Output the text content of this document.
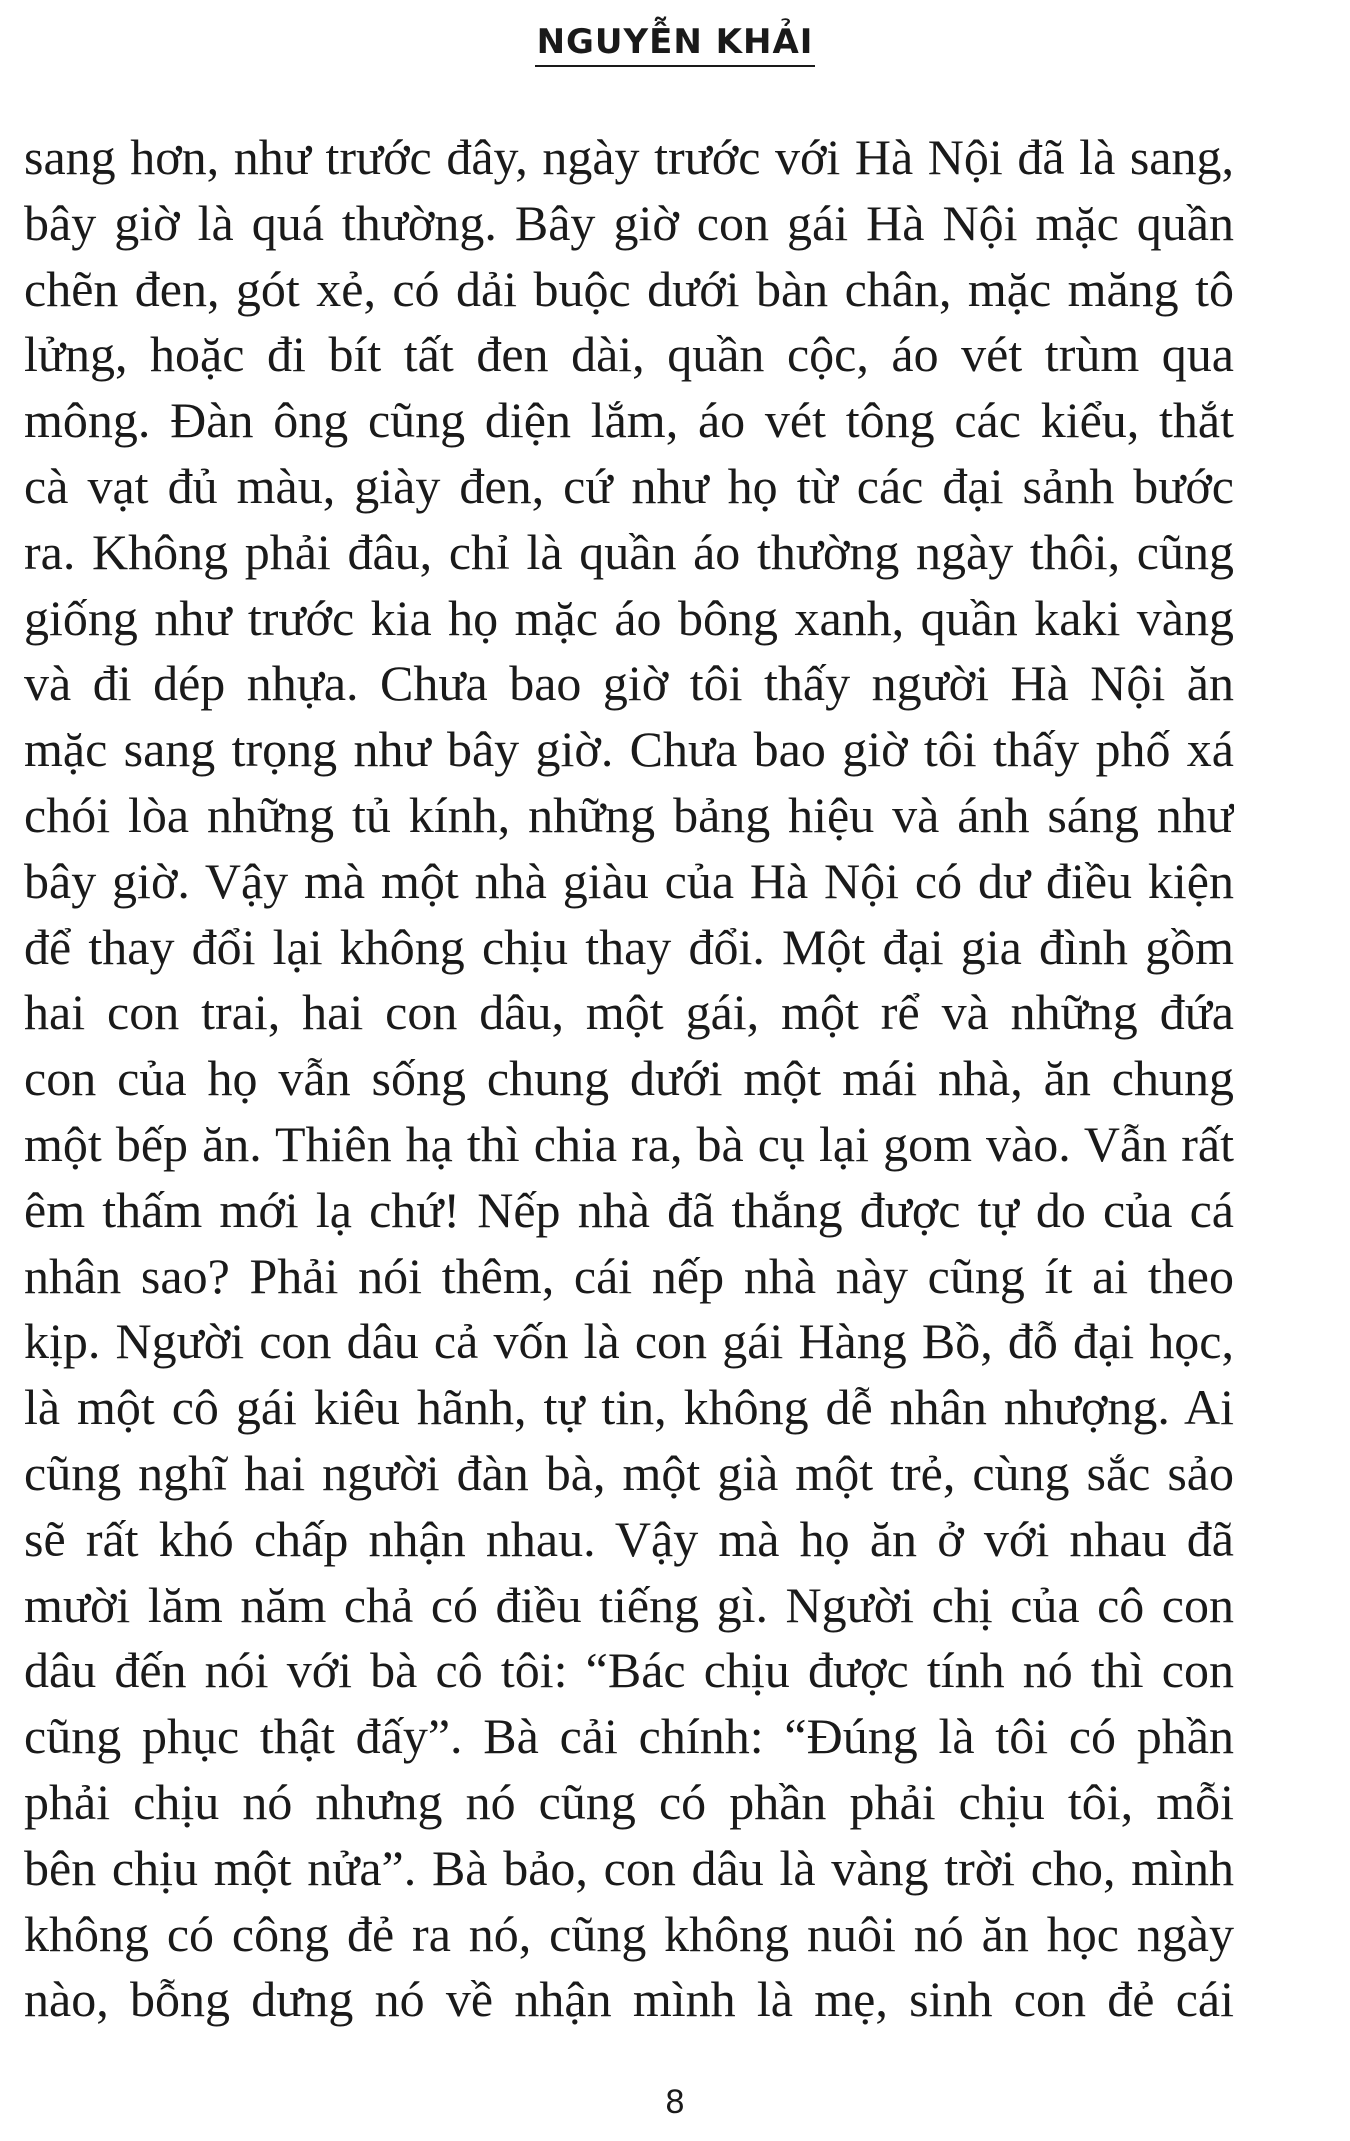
NGUYỄN KHẢI
sang hơn, như trước đây, ngày trước với Hà Nội đã là sang,
bây giờ là quá thường. Bây giờ con gái Hà Nội mặc quần
chẽn đen, gót xẻ, có dải buộc dưới bàn chân, mặc măng tô
lửng, hoặc đi bít tất đen dài, quần cộc, áo vét trùm qua
mông. Đàn ông cũng diện lắm, áo vét tông các kiểu, thắt
cà vạt đủ màu, giày đen, cứ như họ từ các đại sảnh bước
ra. Không phải đâu, chỉ là quần áo thường ngày thôi, cũng
giống như trước kia họ mặc áo bông xanh, quần kaki vàng
và đi dép nhựa. Chưa bao giờ tôi thấy người Hà Nội ăn
mặc sang trọng như bây giờ. Chưa bao giờ tôi thấy phố xá
chói lòa những tủ kính, những bảng hiệu và ánh sáng như
bây giờ. Vậy mà một nhà giàu của Hà Nội có dư điều kiện
để thay đổi lại không chịu thay đổi. Một đại gia đình gồm
hai con trai, hai con dâu, một gái, một rể và những đứa
con của họ vẫn sống chung dưới một mái nhà, ăn chung
một bếp ăn. Thiên hạ thì chia ra, bà cụ lại gom vào. Vẫn rất
êm thấm mới lạ chứ! Nếp nhà đã thắng được tự do của cá
nhân sao? Phải nói thêm, cái nếp nhà này cũng ít ai theo
kịp. Người con dâu cả vốn là con gái Hàng Bồ, đỗ đại học,
là một cô gái kiêu hãnh, tự tin, không dễ nhân nhượng. Ai
cũng nghĩ hai người đàn bà, một già một trẻ, cùng sắc sảo
sẽ rất khó chấp nhận nhau. Vậy mà họ ăn ở với nhau đã
mười lăm năm chả có điều tiếng gì. Người chị của cô con
dâu đến nói với bà cô tôi: “Bác chịu được tính nó thì con
cũng phục thật đấy”. Bà cải chính: “Đúng là tôi có phần
phải chịu nó nhưng nó cũng có phần phải chịu tôi, mỗi
bên chịu một nửa”. Bà bảo, con dâu là vàng trời cho, mình
không có công đẻ ra nó, cũng không nuôi nó ăn học ngày
nào, bỗng dưng nó về nhận mình là mẹ, sinh con đẻ cái
8
